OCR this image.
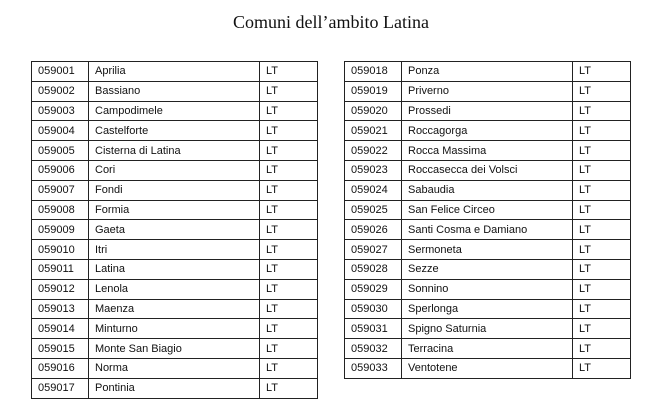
Comuni dell’ambito Latina
059001	Aprilia	LT
059002	Bassiano	LT
059003	Campodimele	LT
059004	Castelforte	LT
059005	Cisterna di Latina	LT
059006	Cori	LT
059007	Fondi	LT
059008	Formia	LT
059009	Gaeta	LT
059010	Itri	LT
059011	Latina	LT
059012	Lenola	LT
059013	Maenza	LT
059014	Minturno	LT
059015	Monte San Biagio	LT
059016	Norma	LT
059017	Pontinia	LT
059018	Ponza	LT
059019	Priverno	LT
059020	Prossedi	LT
059021	Roccagorga	LT
059022	Rocca Massima	LT
059023	Roccasecca dei Volsci	LT
059024	Sabaudia	LT
059025	San Felice Circeo	LT
059026	Santi Cosma e Damiano	LT
059027	Sermoneta	LT
059028	Sezze	LT
059029	Sonnino	LT
059030	Sperlonga	LT
059031	Spigno Saturnia	LT
059032	Terracina	LT
059033	Ventotene	LT
